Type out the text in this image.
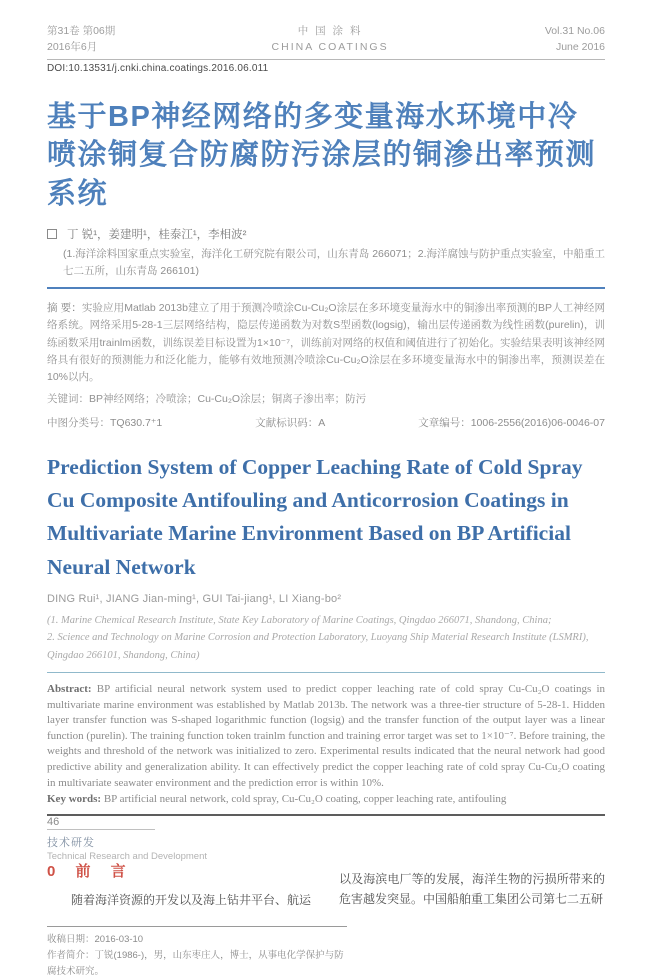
第31卷 第06期
2016年6月
中 国 涂 料
CHINA COATINGS
Vol.31 No.06
June 2016
DOI:10.13531/j.cnki.china.coatings.2016.06.011
基于BP神经网络的多变量海水环境中冷喷涂铜复合防腐防污涂层的铜渗出率预测系统
丁 锐¹，姜建明¹，桂泰江¹，李相波²
(1.海洋涂料国家重点实验室，海洋化工研究院有限公司，山东青岛 266071；2.海洋腐蚀与防护重点实验室，中船重工七二五所，山东青岛 266101)
摘 要：实验应用Matlab 2013b建立了用于预测冷喷涂Cu-Cu₂O涂层在多环境变量海水中的铜渗出率预测的BP人工神经网络系统。网络采用5-28-1三层网络结构，隐层传递函数为对数S型函数(logsig)，输出层传递函数为线性函数(purelin)，训练函数采用trainlm函数，训练误差目标设置为1×10⁻⁷，训练前对网络的权值和阈值进行了初始化。实验结果表明该神经网络具有很好的预测能力和泛化能力，能够有效地预测冷喷涂Cu-Cu₂O涂层在多环境变量海水中的铜渗出率，预测误差在10%以内。
关键词：BP神经网络；冷喷涂；Cu-Cu₂O涂层；铜离子渗出率；防污
中图分类号：TQ630.7⁺1	文献标识码：A	文章编号：1006-2556(2016)06-0046-07
Prediction System of Copper Leaching Rate of Cold Spray Cu Composite Antifouling and Anticorrosion Coatings in Multivariate Marine Environment Based on BP Artificial Neural Network
DING Rui¹, JIANG Jian-ming¹, GUI Tai-jiang¹, LI Xiang-bo²
(1. Marine Chemical Research Institute, State Key Laboratory of Marine Coatings, Qingdao 266071, Shandong, China;
2. Science and Technology on Marine Corrosion and Protection Laboratory, Luoyang Ship Material Research Institute (LSMRI), Qingdao 266101, Shandong, China)
Abstract: BP artificial neural network system used to predict copper leaching rate of cold spray Cu-Cu₂O coatings in multivariate marine environment was established by Matlab 2013b. The network was a three-tier structure of 5-28-1. Hidden layer transfer function was S-shaped logarithmic function (logsig) and the transfer function of the output layer was a linear function (purelin). The training function token trainlm function and training error target was set to 1×10⁻⁷. Before training, the weights and threshold of the network was initialized to zero. Experimental results indicated that the neural network had good predictive ability and generalization ability. It can effectively predict the copper leaching rate of cold spray Cu-Cu₂O coating in multivariate seawater environment and the prediction error is within 10%.
Key words: BP artificial neural network, cold spray, Cu-Cu₂O coating, copper leaching rate, antifouling
0 前 言

随着海洋资源的开发以及海上钻井平台、航运

以及海滨电厂等的发展，海洋生物的污损所带来的危害越发突显。中国船舶重工集团公司第七二五研

收稿日期：2016-03-10
作者简介：丁锐(1986-)，男，山东枣庄人，博士，从事电化学保护与防腐技术研究。
46
技术研发
Technical Research and Development
